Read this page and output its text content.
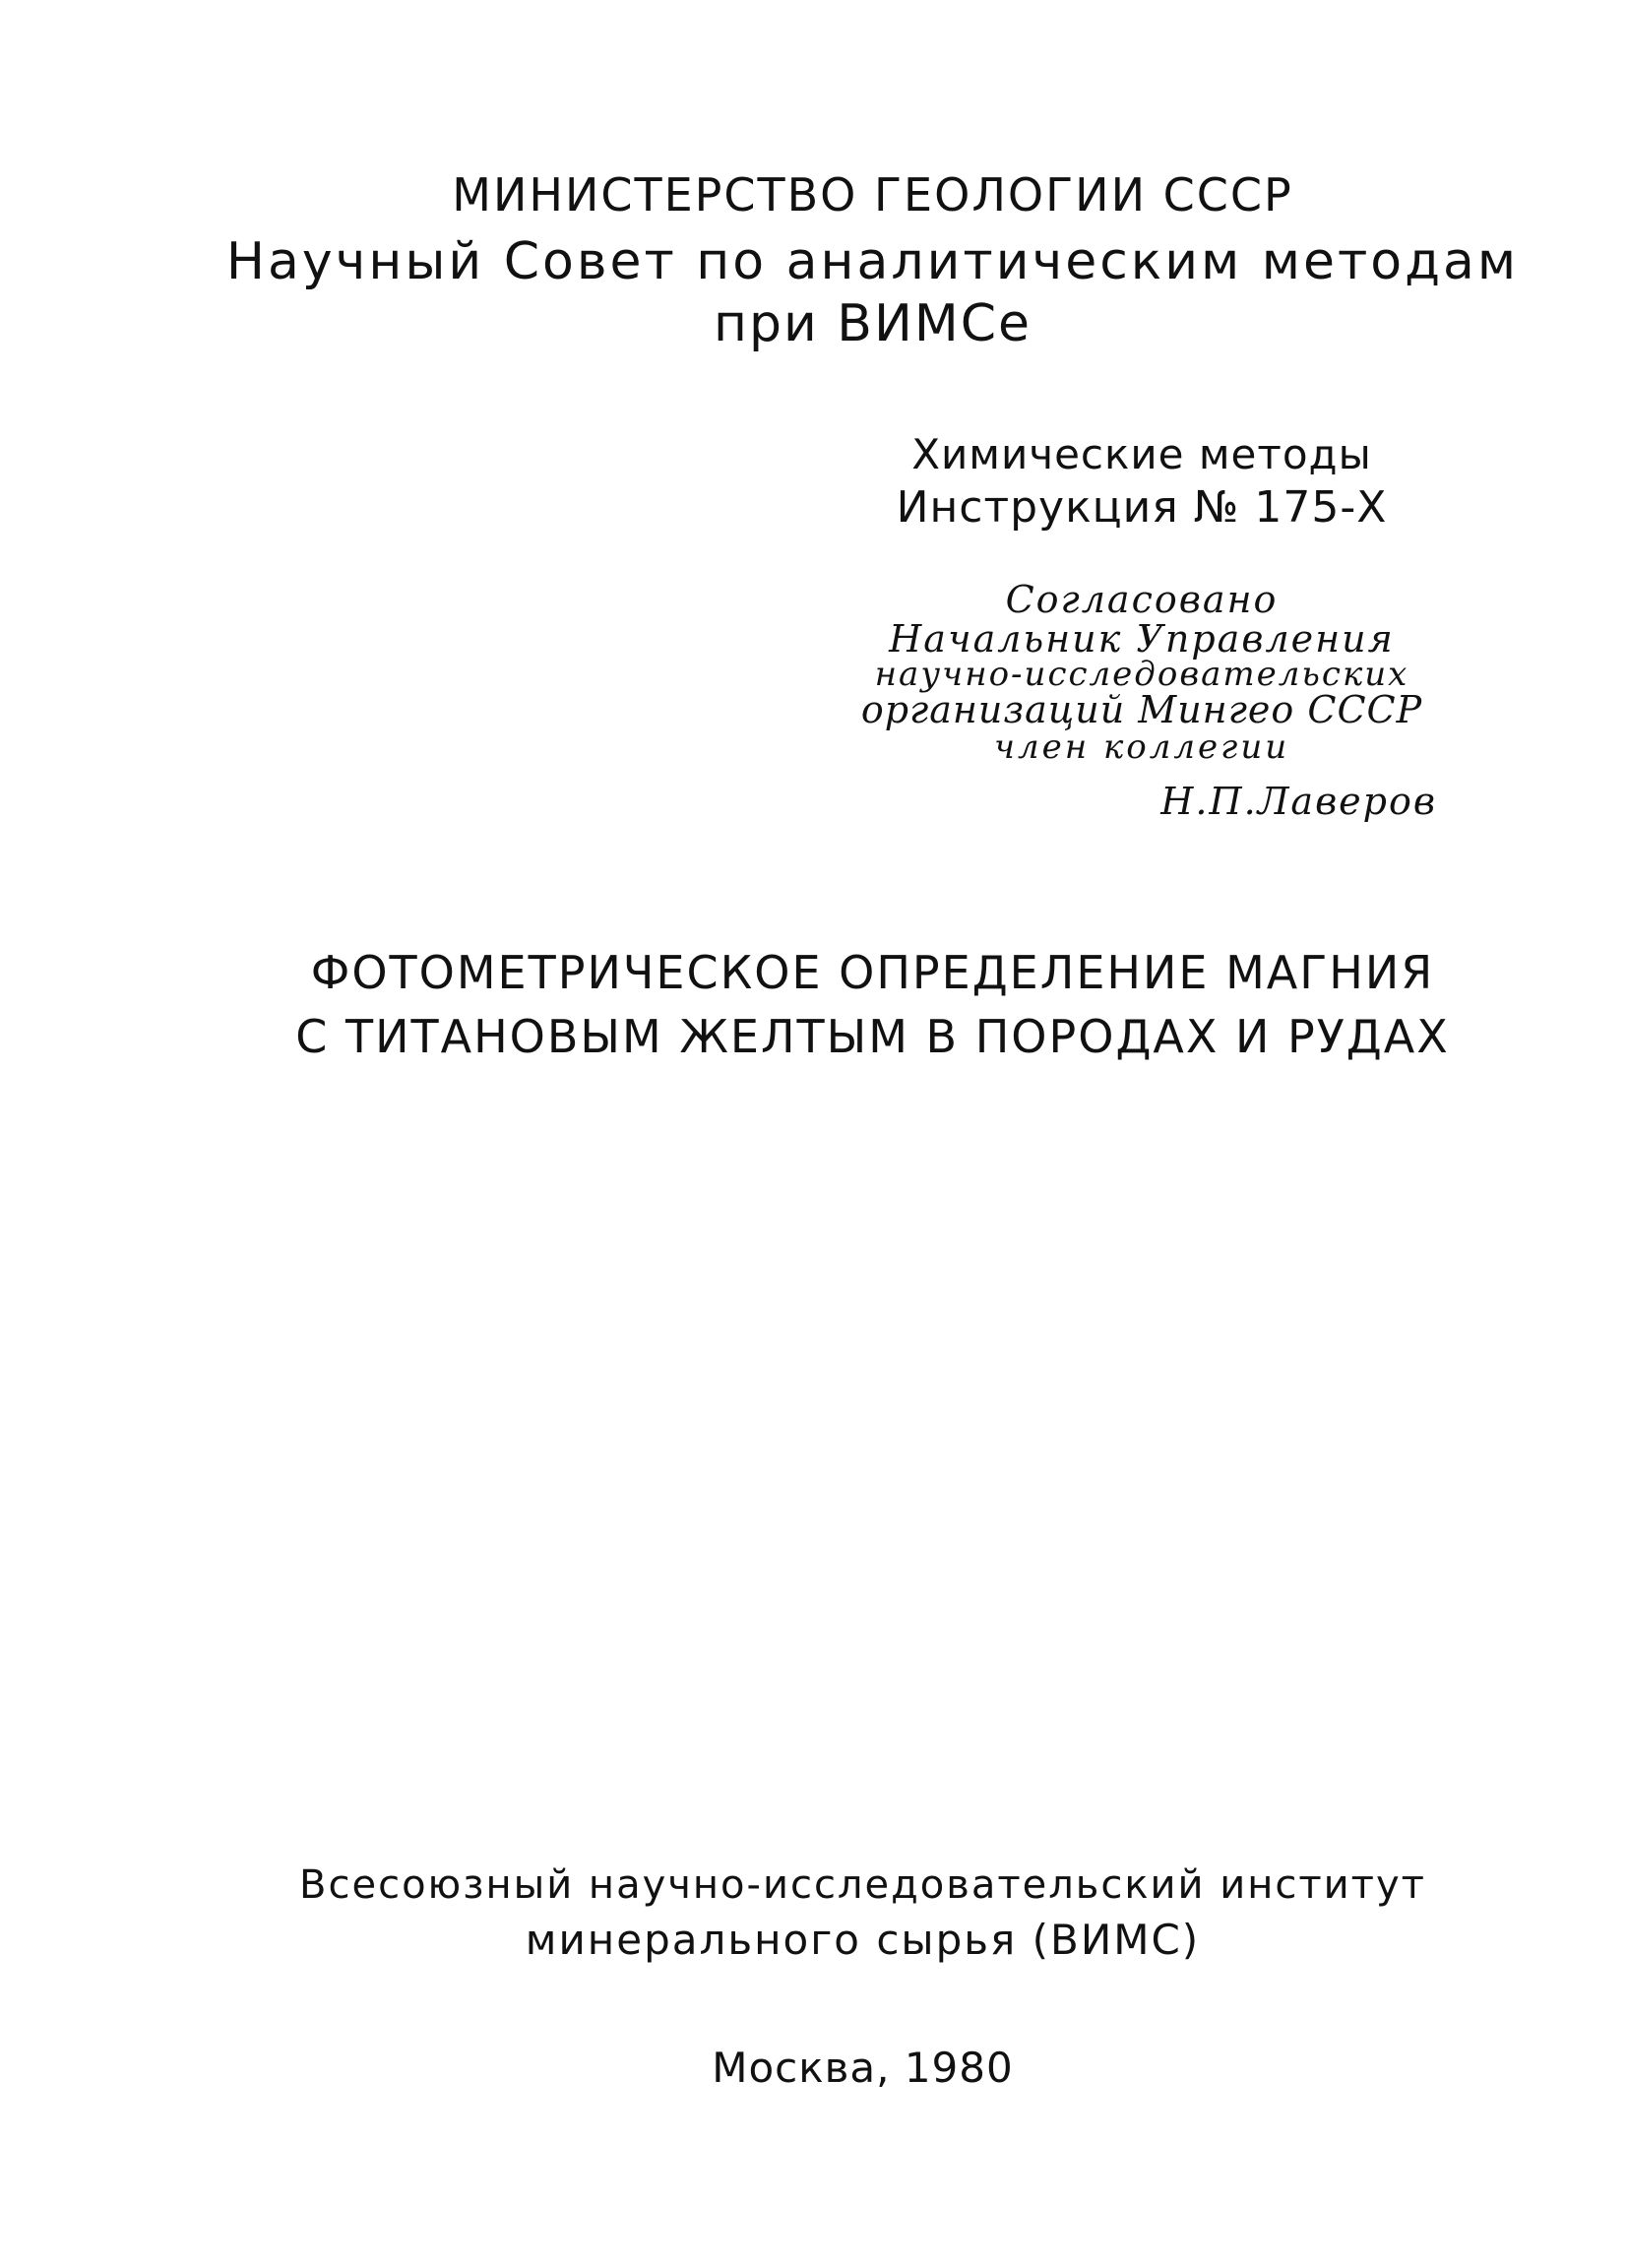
МИНИСТЕРСТВО ГЕОЛОГИИ СССР
Научный Совет по аналитическим методам
при ВИМСе
Химические методы
Инструкция № 175-Х
Согласовано
Начальник Управления
научно-исследовательских
организаций Мингео СССР
член коллегии
Н.П.Лаверов
ФОТОМЕТРИЧЕСКОЕ ОПРЕДЕЛЕНИЕ МАГНИЯ
С ТИТАНОВЫМ ЖЕЛТЫМ В ПОРОДАХ И РУДАХ
Всесоюзный научно-исследовательский институт
минерального сырья (ВИМС)
Москва, 1980
